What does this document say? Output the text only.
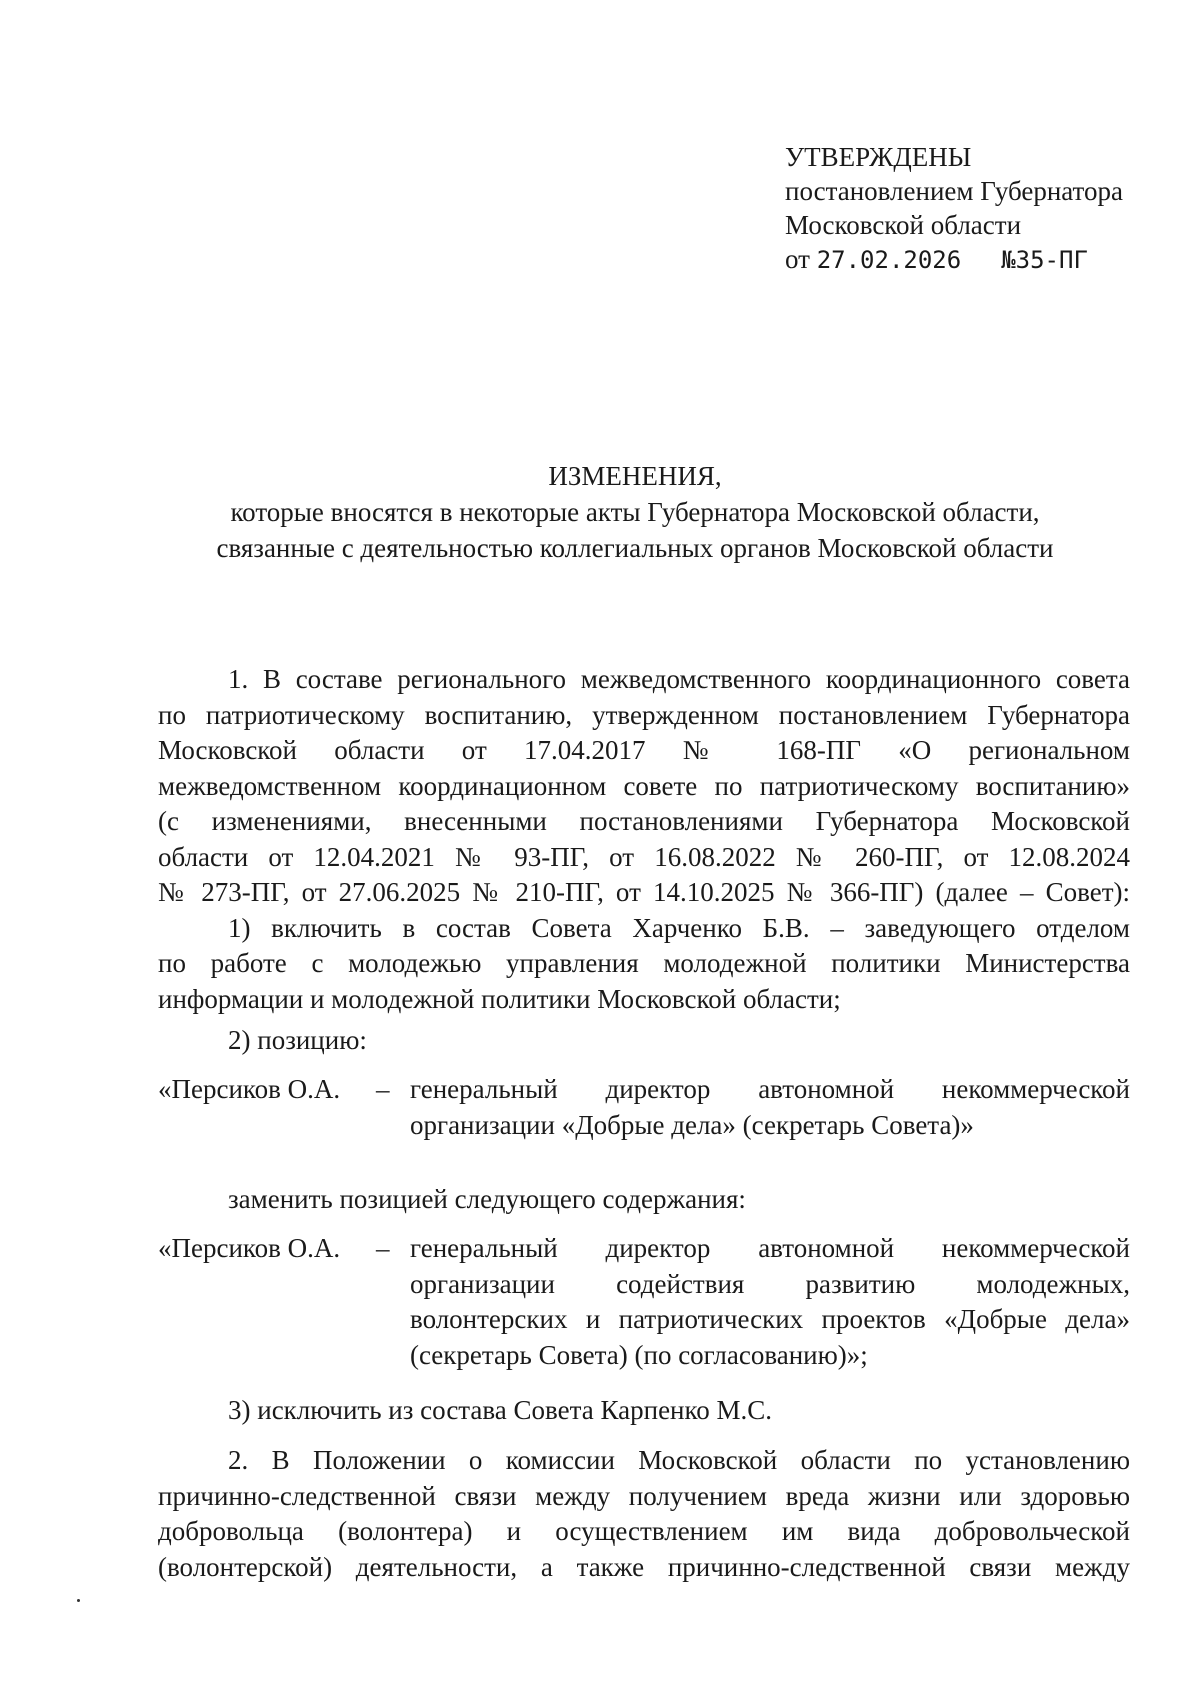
УТВЕРЖДЕНЫ
постановлением Губернатора
Московской области
от 27.02.2026 №35-ПГ
ИЗМЕНЕНИЯ,
которые вносятся в некоторые акты Губернатора Московской области,
связанные с деятельностью коллегиальных органов Московской области
1. В составе регионального межведомственного координационного совета
по патриотическому воспитанию, утвержденном постановлением Губернатора
Московской области от 17.04.2017 № 168-ПГ «О региональном
межведомственном координационном совете по патриотическому воспитанию»
(с изменениями, внесенными постановлениями Губернатора Московской
области от 12.04.2021 № 93-ПГ, от 16.08.2022 № 260-ПГ, от 12.08.2024
№ 273-ПГ, от 27.06.2025 № 210-ПГ, от 14.10.2025 № 366-ПГ) (далее – Совет):
1) включить в состав Совета Харченко Б.В. – заведующего отделом
по работе с молодежью управления молодежной политики Министерства
информации и молодежной политики Московской области;
2) позицию:
«Персиков О.А. – генеральный директор автономной некоммерческой
организации «Добрые дела» (секретарь Совета)»
заменить позицией следующего содержания:
«Персиков О.А. – генеральный директор автономной некоммерческой
организации содействия развитию молодежных,
волонтерских и патриотических проектов «Добрые дела»
(секретарь Совета) (по согласованию)»;
3) исключить из состава Совета Карпенко М.С.
2. В Положении о комиссии Московской области по установлению
причинно-следственной связи между получением вреда жизни или здоровью
добровольца (волонтера) и осуществлением им вида добровольческой
(волонтерской) деятельности, а также причинно-следственной связи между
